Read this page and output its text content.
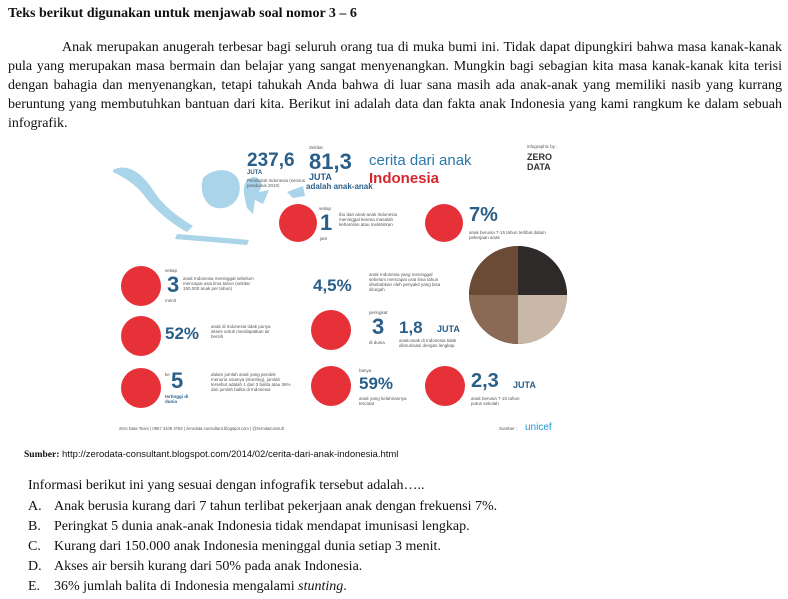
Teks berikut digunakan untuk menjawab soal nomor 3 – 6

Anak merupakan anugerah terbesar bagi seluruh orang tua di muka bumi ini. Tidak dapat dipungkiri bahwa masa kanak-kanak pula yang merupakan masa bermain dan belajar yang sangat menyenangkan. Mungkin bagi sebagian kita masa kanak-kanak kita terisi dengan bahagia dan menyenangkan, tetapi tahukah Anda bahwa di luar sana masih ada anak-anak yang memiliki nasib yang kurrang beruntung yang membutuhkan bantuan dari kita. Berikut ini adalah data dan fakta anak Indonesia yang kami rangkum ke dalam sebuah infografik.

237,6
JUTA
Penduduk Indonesia (sensus penduduk 2010)
Sekitar
81,3
JUTA
adalah anak-anak
cerita dari anak
Indonesia
infographic by :
ZERO DATA
setiap
1
jam
Ibu dari anak-anak Indonesia meninggal karena masalah kehamilan atau melahirkan	7%
anak berusia 7-15 tahun terlibat dalam pekerjaan anak
setiap
3
menit
anak Indonesia meninggal sebelum mencapai usia lima tahun (sekitar 150.000 anak per tahun)	4,5%
anak Indonesia yang meninggal sebelum mencapai usia lima tahun disebabkan oleh penyakit yang bisa dicegah
52%	anak di Indonesia tidak punya akses untuk mendapatkan air bersih
peringkat
3
di dunia
1,8 JUTA
anak-anak di Indonesia tidak diimunisasi dengan lengkap
ke 5
tertinggi di dunia
dalam jumlah anak yang pendek menurut usianya (stunting), jumlah tersebut adalah 1 dari 3 balita atau 36% dari jumlah balita di Indonesia
hanya
59%
anak yang kelahirannya tercatat
2,3 JUTA
anak berusia 7-15 tahun putus sekolah
Zero Data Team | 0857 3108 4753 | zerodata-consultant.blogspot.com | @zerodatconsult	Sumber : unicef
Sumber: http://zerodata-consultant.blogspot.com/2014/02/cerita-dari-anak-indonesia.html
Informasi berikut ini yang sesuai dengan infografik tersebut adalah…..
A. Anak berusia kurang dari 7 tahun terlibat pekerjaan anak dengan frekuensi 7%.
B. Peringkat 5 dunia anak-anak Indonesia tidak mendapat imunisasi lengkap.
C. Kurang dari 150.000 anak Indonesia meninggal dunia setiap 3 menit.
D. Akses air bersih kurang dari 50% pada anak Indonesia.
E. 36% jumlah balita di Indonesia mengalami stunting.
